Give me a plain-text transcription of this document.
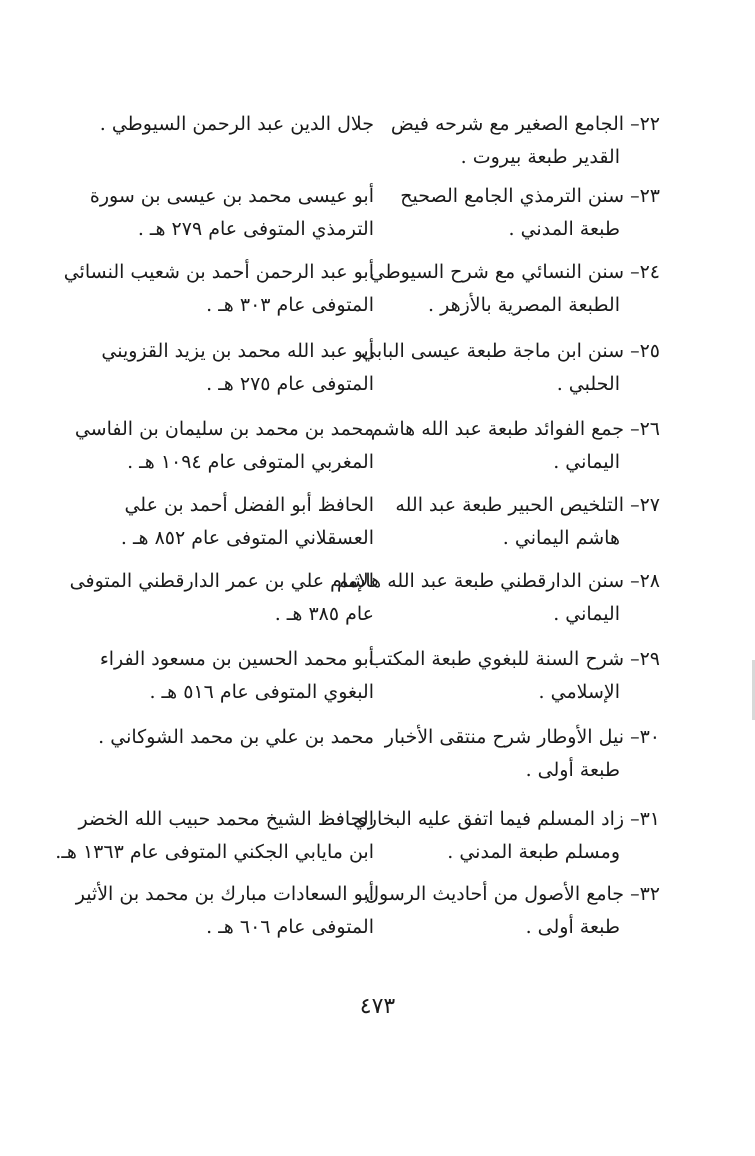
٢٢– الجامع الصغير مع شرحه فيض
القدير طبعة بيروت .
جلال الدين عبد الرحمن السيوطي .
٢٣– سنن الترمذي الجامع الصحيح
طبعة المدني .
أبو عيسى محمد بن عيسى بن سورة
الترمذي المتوفى عام ٢٧٩ هـ .
٢٤– سنن النسائي مع شرح السيوطي
الطبعة المصرية بالأزهر .
أبو عبد الرحمن أحمد بن شعيب النسائي
المتوفى عام ٣٠٣ هـ .
٢٥– سنن ابن ماجة طبعة عيسى البابي
الحلبي .
أبو عبد الله محمد بن يزيد القزويني
المتوفى عام ٢٧٥ هـ .
٢٦– جمع الفوائد طبعة عبد الله هاشم
اليماني .
محمد بن محمد بن سليمان بن الفاسي
المغربي المتوفى عام ١٠٩٤ هـ .
٢٧– التلخيص الحبير طبعة عبد الله
هاشم اليماني .
الحافظ أبو الفضل أحمد بن علي
العسقلاني المتوفى عام ٨٥٢ هـ .
٢٨– سنن الدارقطني طبعة عبد الله هاشم
اليماني .
الإمام علي بن عمر الدارقطني المتوفى
عام ٣٨٥ هـ .
٢٩– شرح السنة للبغوي طبعة المكتب
الإسلامي .
أبو محمد الحسين بن مسعود الفراء
البغوي المتوفى عام ٥١٦ هـ .
٣٠– نيل الأوطار شرح منتقى الأخبار
طبعة أولى .
محمد بن علي بن محمد الشوكاني .
٣١– زاد المسلم فيما اتفق عليه البخاري
ومسلم طبعة المدني .
الحافظ الشيخ محمد حبيب الله الخضر
ابن مايابي الجكني المتوفى عام ١٣٦٣ هـ.
٣٢– جامع الأصول من أحاديث الرسول
طبعة أولى .
أبو السعادات مبارك بن محمد بن الأثير
المتوفى عام ٦٠٦ هـ .
٤٧٣
